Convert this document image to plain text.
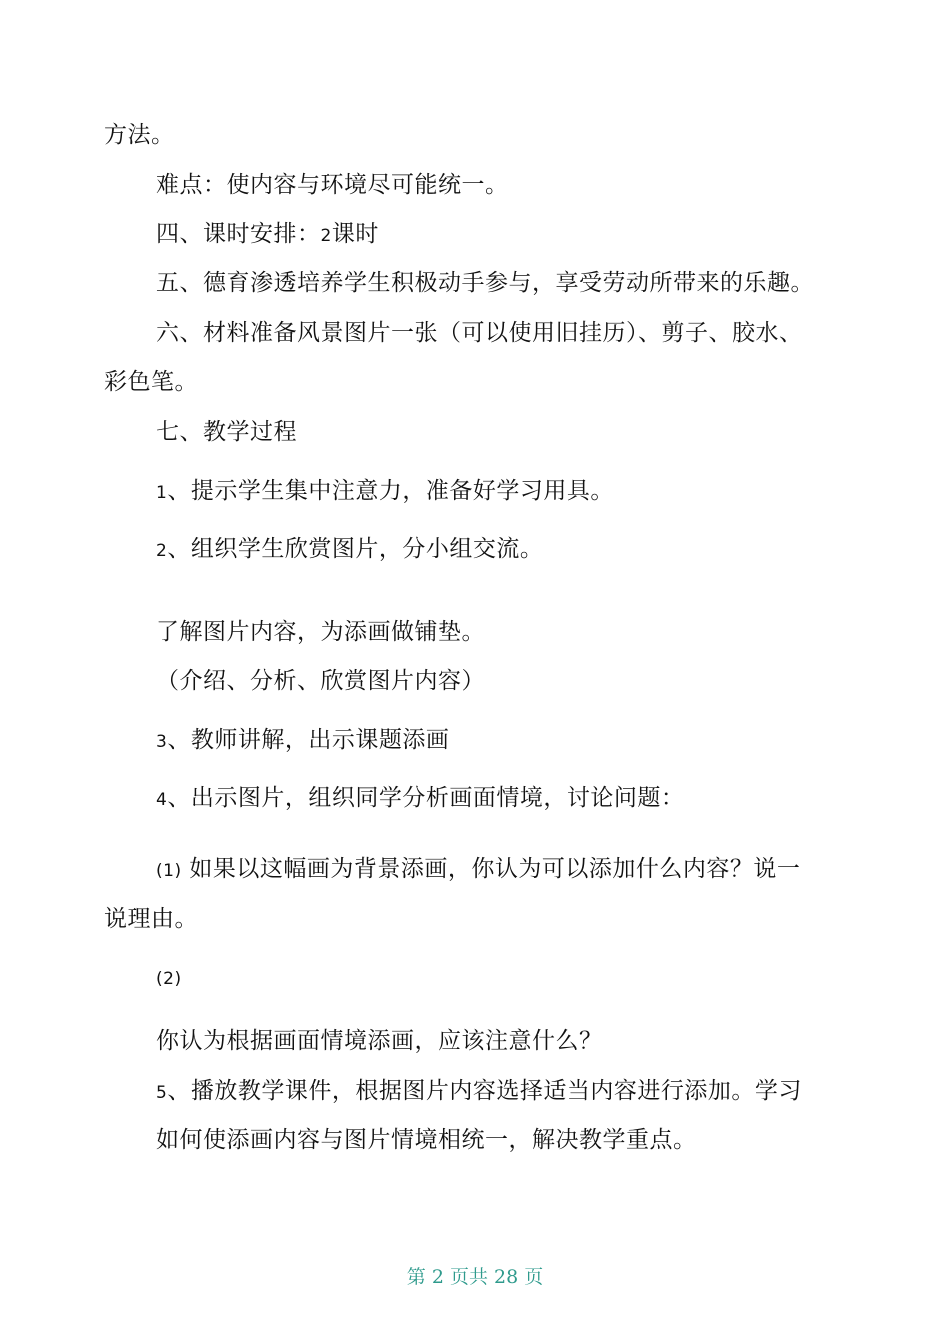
方法。
难点：使内容与环境尽可能统一。
四、课时安排：2课时
五、德育渗透培养学生积极动手参与，享受劳动所带来的乐趣。
六、材料准备风景图片一张（可以使用旧挂历）、剪子、胶水、
彩色笔。
七、教学过程
1、提示学生集中注意力，准备好学习用具。
2、组织学生欣赏图片，分小组交流。
了解图片内容，为添画做铺垫。
（介绍、分析、欣赏图片内容）
3、教师讲解，出示课题添画
4、出示图片，组织同学分析画面情境，讨论问题：
(1) 如果以这幅画为背景添画，你认为可以添加什么内容？说一
说理由。
(2)
你认为根据画面情境添画，应该注意什么？
5、播放教学课件，根据图片内容选择适当内容进行添加。学习
如何使添画内容与图片情境相统一，解决教学重点。
第 2 页共 28 页
